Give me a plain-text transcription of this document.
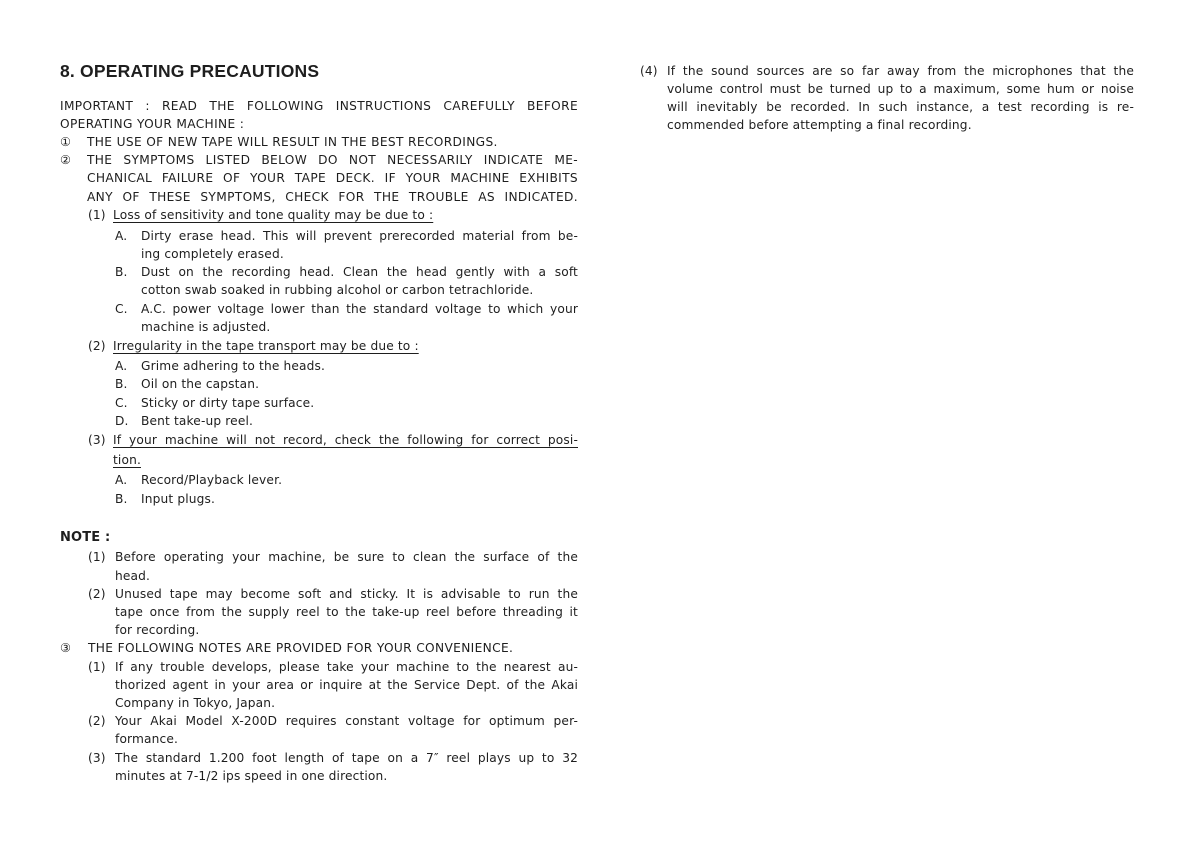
8. OPERATING PRECAUTIONS
IMPORTANT : READ THE FOLLOWING INSTRUCTIONS CAREFULLY BEFORE
OPERATING YOUR MACHINE :
① THE USE OF NEW TAPE WILL RESULT IN THE BEST RECORDINGS.
② THE SYMPTOMS LISTED BELOW DO NOT NECESSARILY INDICATE ME-
CHANICAL FAILURE OF YOUR TAPE DECK. IF YOUR MACHINE EXHIBITS
ANY OF THESE SYMPTOMS, CHECK FOR THE TROUBLE AS INDICATED.
(1) Loss of sensitivity and tone quality may be due to :
A. Dirty erase head. This will prevent prerecorded material from be-
ing completely erased.
B. Dust on the recording head. Clean the head gently with a soft
cotton swab soaked in rubbing alcohol or carbon tetrachloride.
C. A.C. power voltage lower than the standard voltage to which your
machine is adjusted.
(2) Irregularity in the tape transport may be due to :
A. Grime adhering to the heads.
B. Oil on the capstan.
C. Sticky or dirty tape surface.
D. Bent take-up reel.
(3) If your machine will not record, check the following for correct posi-
tion.
A. Record/Playback lever.
B. Input plugs.
NOTE :
(1) Before operating your machine, be sure to clean the surface of the
head.
(2) Unused tape may become soft and sticky. It is advisable to run the
tape once from the supply reel to the take-up reel before threading it
for recording.
③ THE FOLLOWING NOTES ARE PROVIDED FOR YOUR CONVENIENCE.
(1) If any trouble develops, please take your machine to the nearest au-
thorized agent in your area or inquire at the Service Dept. of the Akai
Company in Tokyo, Japan.
(2) Your Akai Model X-200D requires constant voltage for optimum per-
formance.
(3) The standard 1.200 foot length of tape on a 7″ reel plays up to 32
minutes at 7-1/2 ips speed in one direction.
(4) If the sound sources are so far away from the microphones that the
volume control must be turned up to a maximum, some hum or noise
will inevitably be recorded. In such instance, a test recording is re-
commended before attempting a final recording.
